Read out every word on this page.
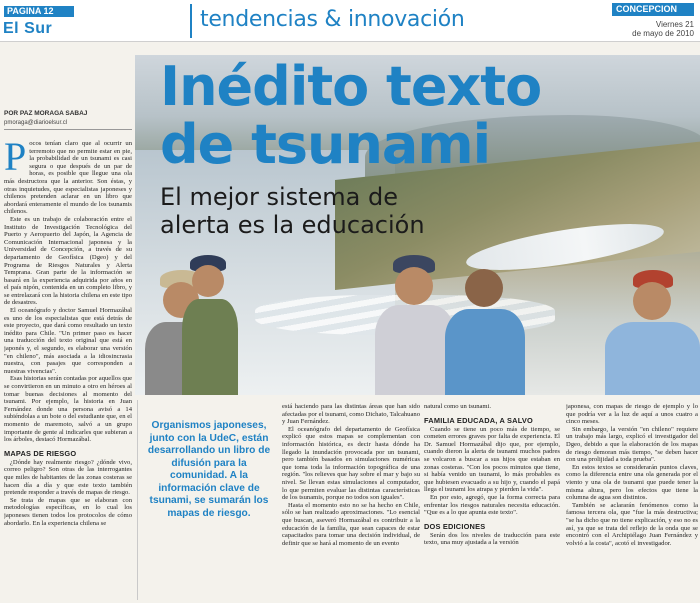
PAGINA 12
El Sur	tendencias & innovación	CONCEPCION
Viernes 21
de mayo de 2010
Inédito texto
de tsunami
El mejor sistema de
alerta es la educación
POR PAZ MORAGA SABAJ
pmoraga@diarioelsur.cl

Pocos tenían claro que al ocurrir un terremoto que no permite estar en pie, la probabilidad de un tsunami es casi segura o que después de un par de horas, es posible que llegue una ola más destructora que la anterior. Son éstas, y otras inquietudes, que especialistas japoneses y chilenos pretenden aclarar en un libro que abordará enteramente el mundo de los tsunamis chilenos.

Este es un trabajo de colaboración entre el Instituto de Investigación Tecnológica del Puerto y Aeropuerto del Japón, la Agencia de Comunicación Internacional japonesa y la Universidad de Concepción, a través de su departamento de Geofísica (Dgeo) y del Programa de Riesgos Naturales y Alerta Temprana. Gran parte de la información se basará en la experiencia adquirida por años en el país nipón, contenida en un completo libro, y se entrelazará con la historia chilena en este tipo de desastres.

El oceanógrafo y doctor Samuel Hormazábal es uno de los especialistas que está detrás de este proyecto, que dará como resultado un texto inédito para Chile. "Un primer paso es hacer una traducción del texto original que está en japonés y, el segundo, es elaborar una versión "en chileno", más asociada a la idiosincrasia nuestra, con pasajes que corresponden a nuestras vivencias".

Esas historias serán contadas por aquellos que se convirtieron en un minuto a otro en héroes al tomar buenas decisiones al momento del tsunami. Por ejemplo, la historia en Juan Fernández donde una persona avisó a 14 subiéndolas a un bote o del estudiante que, en el momento de maremoto, salvó a un grupo importante de gente al indicarles que subieran a los árboles, destacó Hormazábal.

MAPAS DE RIESGO

¿Dónde hay realmente riesgo? ¿dónde vivo, correo peligro? Son otras de las interrogantes que miles de habitantes de las zonas costeras se hacen día a día y que este texto también pretende responder a través de mapas de riesgo.

Se trata de mapas que se elaboran con metodologías específicas, en lo cual los japoneses tienen todos los protocolos de cómo abordarlo. En la experiencia chilena se

Organismos japoneses,
junto con la UdeC, están
desarrollando un libro de
difusión para la
comunidad. A la
información clave de
tsunami, se sumarán los
mapas de riesgo.

está haciendo para las distintas áreas que han sido afectadas por el tsunami, como Dichato, Talcahuano y Juan Fernández.

El oceanógrafo del departamento de Geofísica explicó que estos mapas se complementan con información histórica, es decir hasta dónde ha llegado la inundación provocada por un tsunami, pero también basados en simulaciones numéricas que toma toda la información topográfica de una región. "los relieves que hay sobre el mar y bajo su nivel. Se llevan estas simulaciones al computador, lo que permiten evaluar las distintas características de los tsunamis, porque no todos son iguales".

Hasta el momento esto no se ha hecho en Chile, sólo se han realizado aproximaciones. "Lo esencial que buscan, aseveró Hormazábal es contribuir a la educación de la familia, que sean capaces de estar capacitados para tomar una decisión individual, de definir que se hará al momento de un evento

natural como un tsunami.

FAMILIA EDUCADA, A SALVO

Cuando se tiene un poco más de tiempo, se cometen errores graves por falta de experiencia. El Dr. Samuel Hormazábal dijo que, por ejemplo, cuando dieron la alerta de tsunami muchos padres se volcaron a buscar a sus hijos que estaban en zonas costeras. "Con los pocos minutos que tiene, si había venido un tsunami, lo más probables es que hubiesen evacuado a su hijo y, cuando el papá llega el tsunami los atrapa y pierden la vida".

En por esto, agregó, que la forma correcta para enfrentar los riesgos naturales necesita educación. "Que es a lo que apunta este texto".

DOS EDICIONES

Serán dos los niveles de traducción para este texto, una muy ajustada a la versión

japonesa, con mapas de riesgo de ejemplo y lo que podría ver a la luz de aquí a unos cuatro a cinco meses.

Sin embargo, la versión "en chileno" requiere un trabajo más largo, explicó el investigador del Dgeo, debido a que la elaboración de los mapas de riesgo demoran más tiempo, "se deben hacer con una prolijidad a toda prueba".

En estos textos se considerarán puntos claves, como la diferencia entre una ola generada por el viento y una ola de tsunami que puede tener la misma altura, pero los efectos que tiene la columna de agua son distintos.

También se aclararán fenómenos como la famosa tercera ola, que "fue la más destructiva; "se ha dicho que no tiene explicación, y eso no es así, ya que se trata del reflejo de la onda que se encontró con el Archipiélago Juan Fernández y volvió a la costa", acotó el investigador.
